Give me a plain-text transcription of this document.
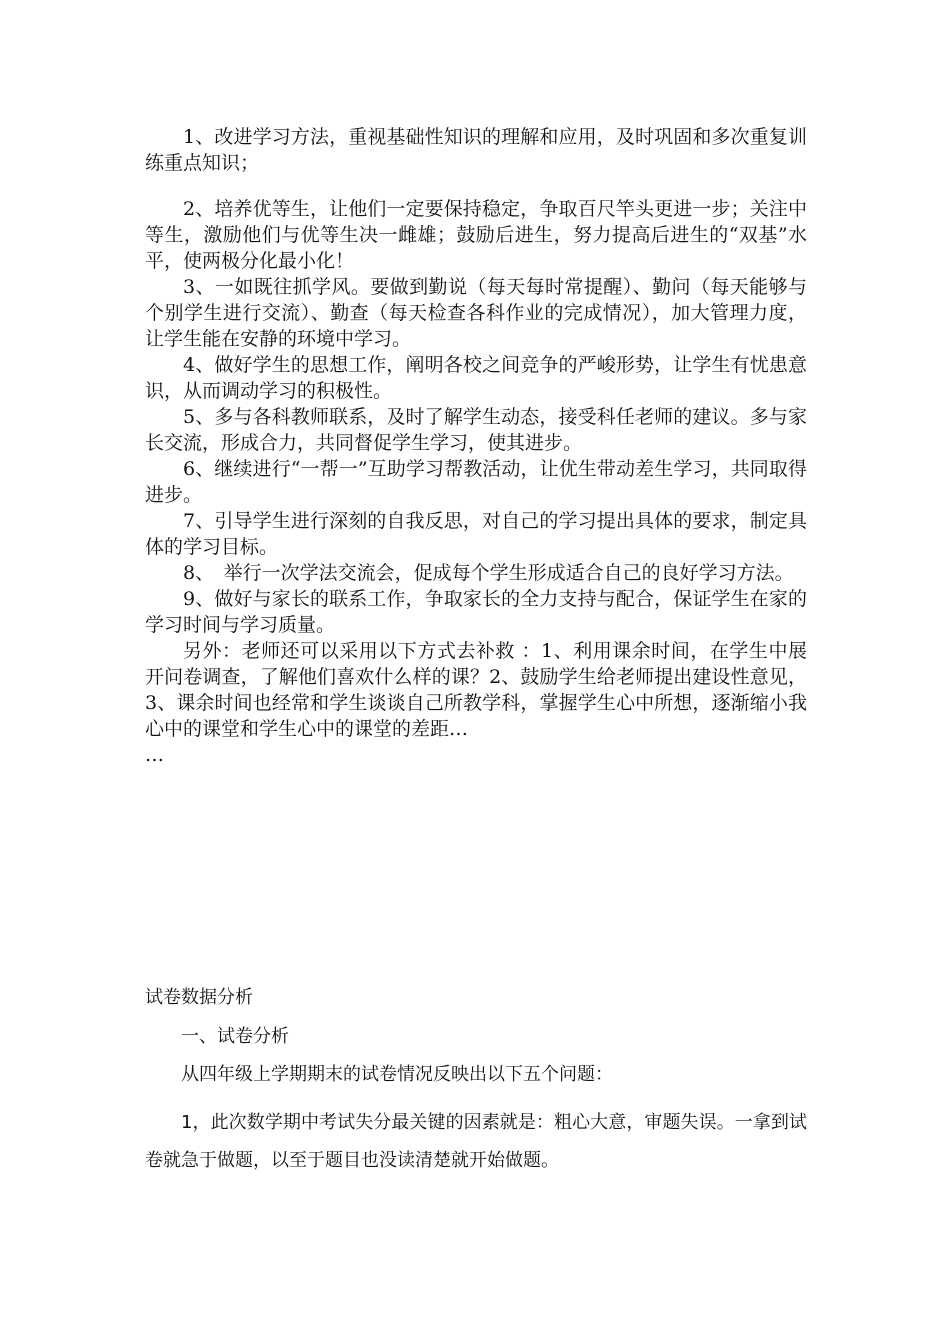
1、改进学习方法，重视基础性知识的理解和应用，及时巩固和多次重复训练重点知识；

2、培养优等生，让他们一定要保持稳定，争取百尺竿头更进一步；关注中等生，激励他们与优等生决一雌雄；鼓励后进生，努力提高后进生的“双基”水平，使两极分化最小化！

3、一如既往抓学风。要做到勤说（每天每时常提醒）、勤问（每天能够与个别学生进行交流）、勤查（每天检查各科作业的完成情况），加大管理力度，让学生能在安静的环境中学习。

4、做好学生的思想工作，阐明各校之间竞争的严峻形势，让学生有忧患意识，从而调动学习的积极性。

5、多与各科教师联系，及时了解学生动态，接受科任老师的建议。多与家长交流，形成合力，共同督促学生学习，使其进步。

6、继续进行“一帮一”互助学习帮教活动，让优生带动差生学习，共同取得进步。

7、引导学生进行深刻的自我反思，对自己的学习提出具体的要求，制定具体的学习目标。

8、　举行一次学法交流会，促成每个学生形成适合自己的良好学习方法。

9、做好与家长的联系工作，争取家长的全力支持与配合，保证学生在家的学习时间与学习质量。

另外：老师还可以采用以下方式去补救 ：1、利用课余时间，在学生中展开问卷调查，了解他们喜欢什么样的课？2、鼓励学生给老师提出建设性意见，3、课余时间也经常和学生谈谈自己所教学科，掌握学生心中所想，逐渐缩小我心中的课堂和学生心中的课堂的差距…

…

试卷数据分析
一、试卷分析
从四年级上学期期末的试卷情况反映出以下五个问题：
1，此次数学期中考试失分最关键的因素就是：粗心大意，审题失误。一拿到试卷就急于做题，以至于题目也没读清楚就开始做题。
